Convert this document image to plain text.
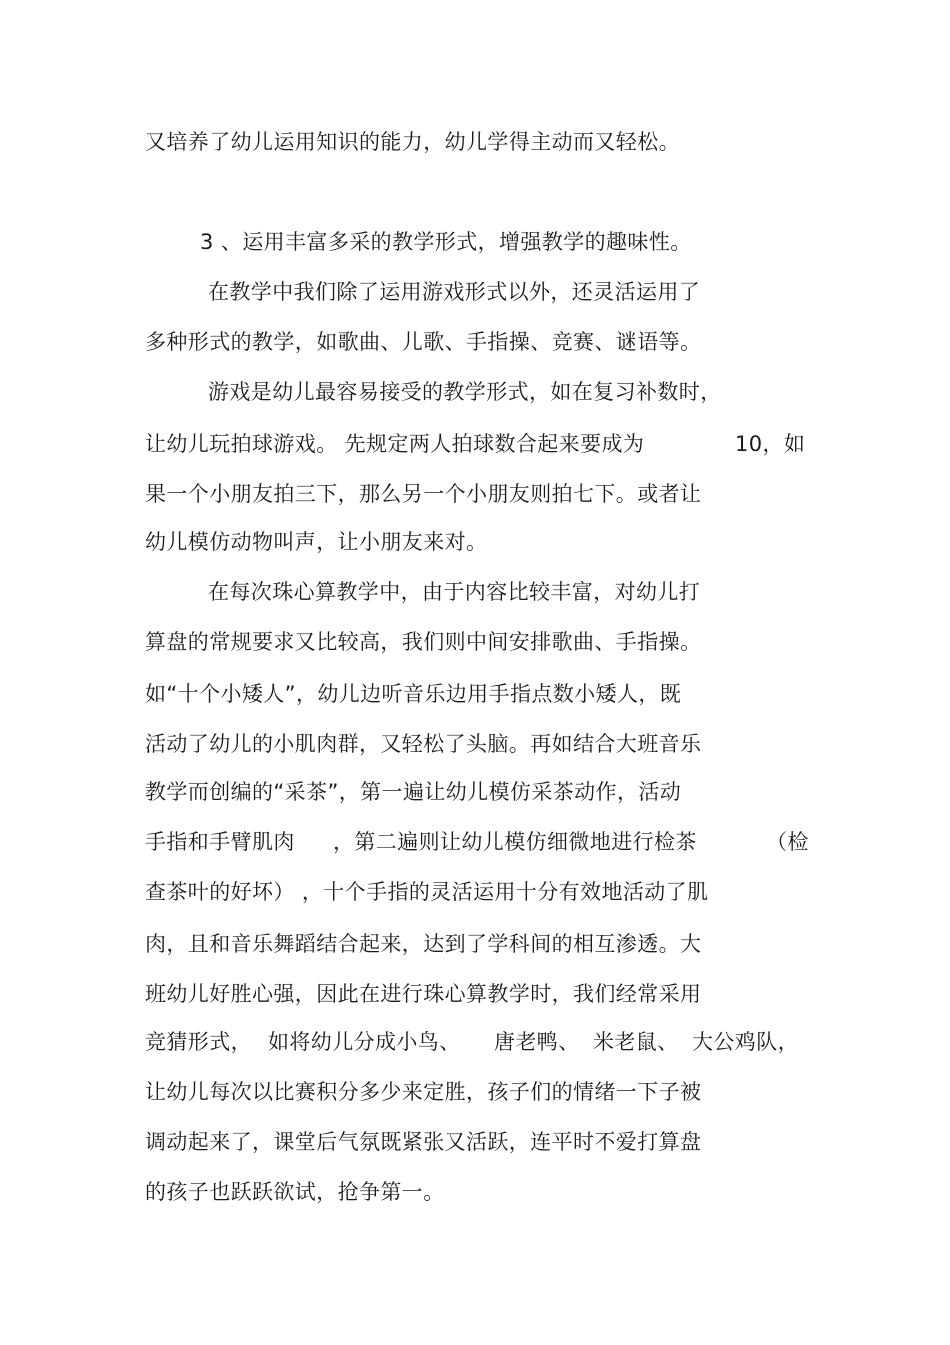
又培养了幼儿运用知识的能力，幼儿学得主动而又轻松。
3 、运用丰富多采的教学形式，增强教学的趣味性。
在教学中我们除了运用游戏形式以外，还灵活运用了
多种形式的教学，如歌曲、儿歌、手指操、竞赛、谜语等。
游戏是幼儿最容易接受的教学形式，如在复习补数时，
让幼儿玩拍球游戏。 先规定两人拍球数合起来要成为	10，如
果一个小朋友拍三下，那么另一个小朋友则拍七下。或者让
幼儿模仿动物叫声，让小朋友来对。
在每次珠心算教学中，由于内容比较丰富，对幼儿打
算盘的常规要求又比较高，我们则中间安排歌曲、手指操。
如“十个小矮人”，幼儿边听音乐边用手指点数小矮人，既
活动了幼儿的小肌肉群，又轻松了头脑。再如结合大班音乐
教学而创编的“采茶”，第一遍让幼儿模仿采茶动作，活动
手指和手臂肌肉 ，第二遍则让幼儿模仿细微地进行检茶	（检
查茶叶的好坏） ，十个手指的灵活运用十分有效地活动了肌
肉，且和音乐舞蹈结合起来，达到了学科间的相互渗透。大
班幼儿好胜心强，因此在进行珠心算教学时，我们经常采用
竞猜形式， 如将幼儿分成小鸟、 唐老鸭、 米老鼠、 大公鸡队，
让幼儿每次以比赛积分多少来定胜，孩子们的情绪一下子被
调动起来了，课堂后气氛既紧张又活跃，连平时不爱打算盘
的孩子也跃跃欲试，抢争第一。
